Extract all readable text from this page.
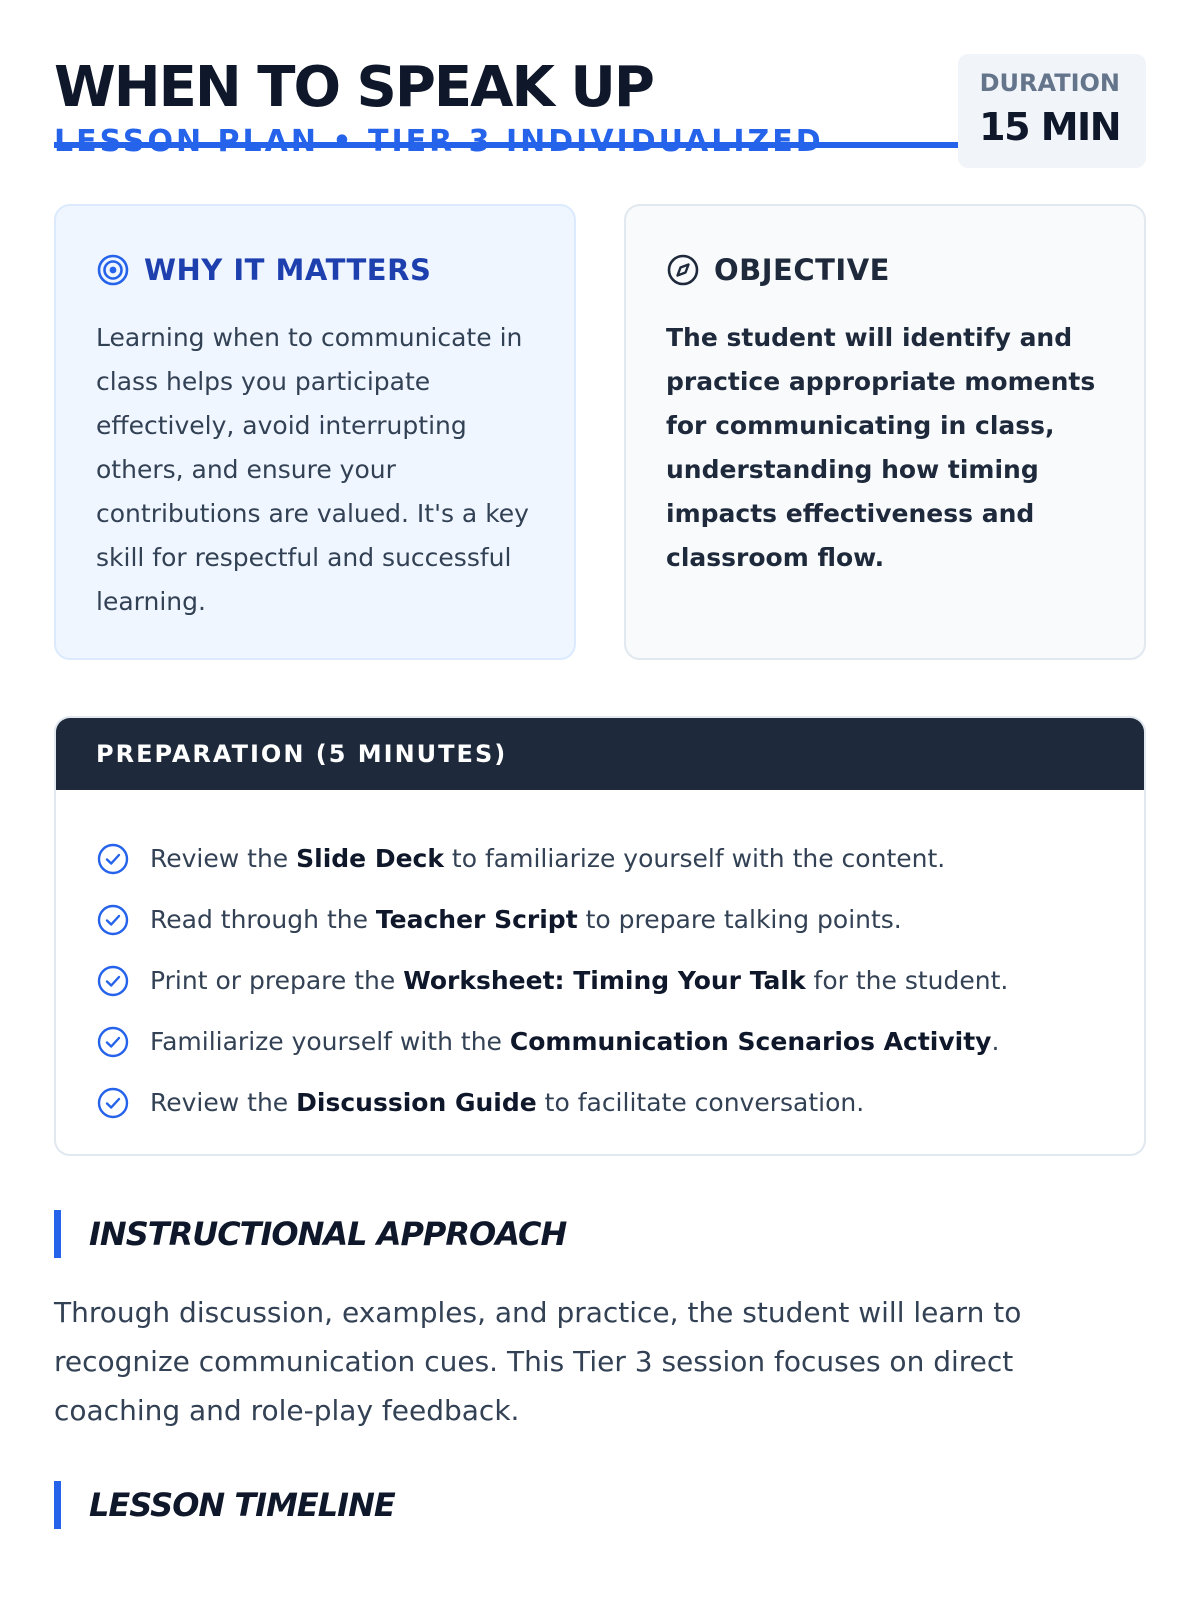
WHEN TO SPEAK UP
LESSON PLAN • TIER 3 INDIVIDUALIZED
DURATION
15 MIN
WHY IT MATTERS
Learning when to communicate in class helps you participate effectively, avoid interrupting others, and ensure your contributions are valued. It's a key skill for respectful and successful learning.
OBJECTIVE
The student will identify and practice appropriate moments for communicating in class, understanding how timing impacts effectiveness and classroom flow.
PREPARATION (5 MINUTES)
Review the Slide Deck to familiarize yourself with the content.
Read through the Teacher Script to prepare talking points.
Print or prepare the Worksheet: Timing Your Talk for the student.
Familiarize yourself with the Communication Scenarios Activity.
Review the Discussion Guide to facilitate conversation.
INSTRUCTIONAL APPROACH
Through discussion, examples, and practice, the student will learn to recognize communication cues. This Tier 3 session focuses on direct coaching and role-play feedback.
LESSON TIMELINE
